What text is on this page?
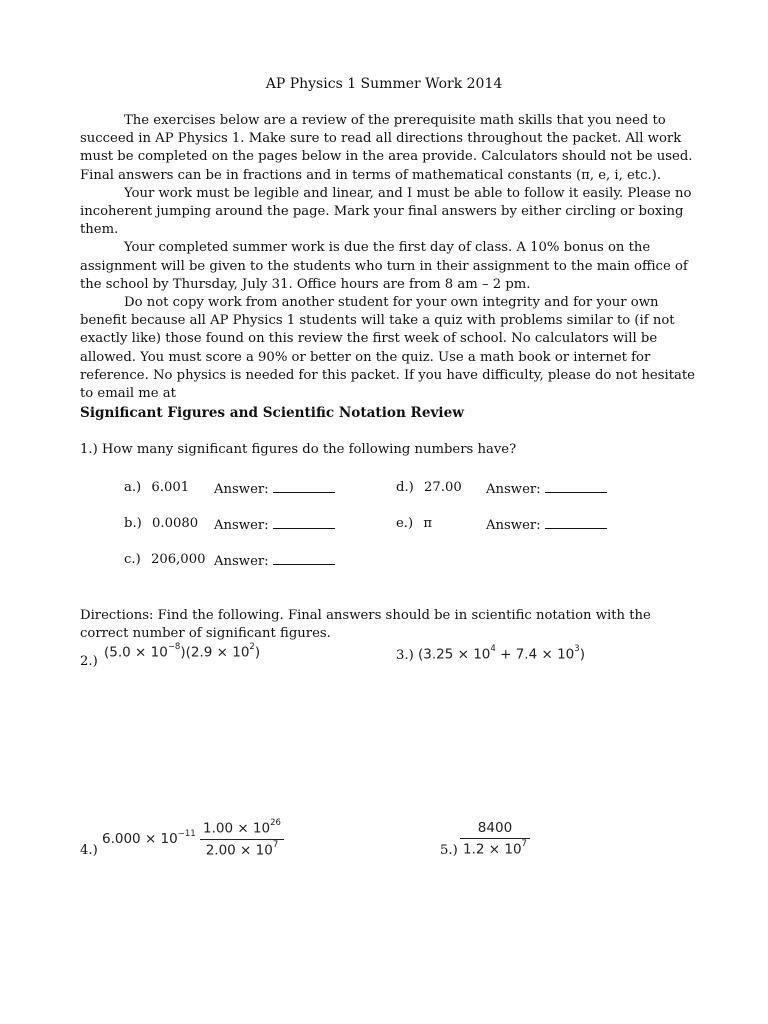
AP Physics 1 Summer Work 2014

The exercises below are a review of the prerequisite math skills that you need to succeed in AP Physics 1. Make sure to read all directions throughout the packet. All work must be completed on the pages below in the area provide. Calculators should not be used. Final answers can be in fractions and in terms of mathematical constants (π, e, i, etc.).

Your work must be legible and linear, and I must be able to follow it easily. Please no incoherent jumping around the page. Mark your final answers by either circling or boxing them.

Your completed summer work is due the first day of class. A 10% bonus on the assignment will be given to the students who turn in their assignment to the main office of the school by Thursday, July 31. Office hours are from 8 am – 2 pm.

Do not copy work from another student for your own integrity and for your own benefit because all AP Physics 1 students will take a quiz with problems similar to (if not exactly like) those found on this review the first week of school. No calculators will be allowed. You must score a 90% or better on the quiz. Use a math book or internet for reference. No physics is needed for this packet. If you have difficulty, please do not hesitate to email me at

Significant Figures and Scientific Notation Review
1.) How many significant figures do the following numbers have?
a.) 6.001 Answer:
b.) 0.0080 Answer:
c.) 206,000 Answer:
d.) 27.00 Answer:
e.) π	Answer:
Directions: Find the following. Final answers should be in scientific notation with the correct number of significant figures.
2.)
$(5.0 \times 10^{-8})(2.9 \times 10^2)$	3.) $(3.25 \times 10^4 + 7.4 \times 10^3)$
4.)
$6.000 \times 10^{-11} \frac{1.00 \times 10^{26}}{2.00 \times 10^7}$	$5.) \frac{8400}{1.2 \times 10^7}$
